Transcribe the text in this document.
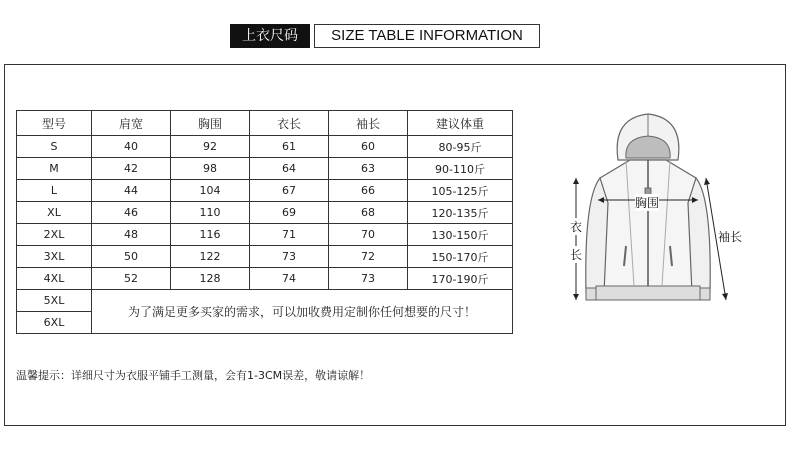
上衣尺码表
SIZE TABLE INFORMATION
型号	肩宽	胸围	衣长	袖长	建议体重
S	40	92	61	60	80-95斤
M	42	98	64	63	90-110斤
L	44	104	67	66	105-125斤
XL	46	110	69	68	120-135斤
2XL	48	116	71	70	130-150斤
3XL	50	122	73	72	150-170斤
4XL	52	128	74	73	170-190斤
5XL	为了满足更多买家的需求，可以加收费用定制你任何想要的尺寸！				
6XL					
温馨提示：详细尺寸为衣服平铺手工测量，会有1-3CM误差，敬请谅解！
胸围
衣
长
袖长
